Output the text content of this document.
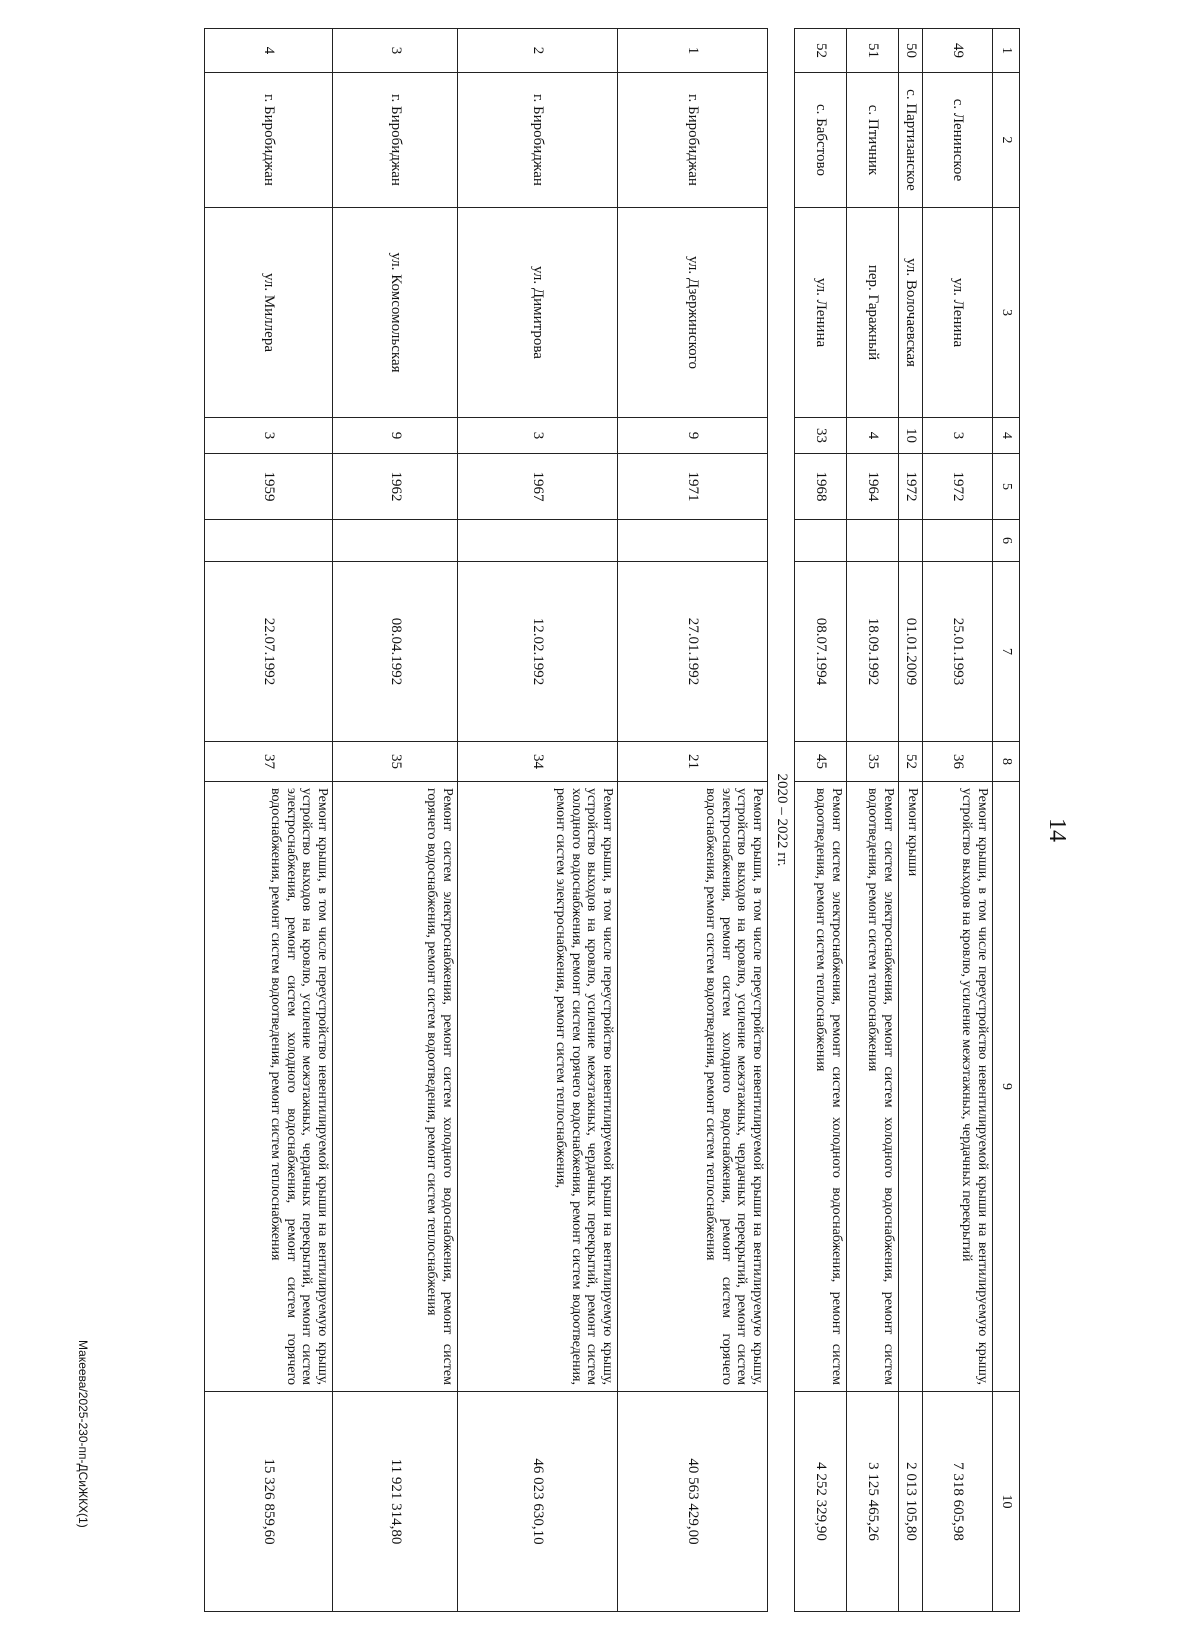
14
1	2	3	4	5	6	7	8	9	10
49	с. Ленинское	ул. Ленина	3	1972		25.01.1993	36	Ремонт крыши, в том числе переустройство невентилируемой крыши на вентилируемую крышу, устройство выходов на кровлю, усиление межэтажных, чердачных перекрытий	7 318 605,98
50	с. Партизанское	ул. Волочаевская	10	1972		01.01.2009	52	Ремонт крыши	2 013 105,80
51	с. Птичник	пер. Гаражный	4	1964		18.09.1992	35	Ремонт систем электроснабжения, ремонт систем холодного водоснабжения, ремонт систем водоотведения, ремонт систем теплоснабжения	3 125 465,26
52	с. Бабстово	ул. Ленина	33	1968		08.07.1994	45	Ремонт систем электроснабжения, ремонт систем холодного водоснабжения, ремонт систем водоотведения, ремонт систем теплоснабжения	4 252 329,90
2020 – 2022 гг.									
1	г. Биробиджан	ул. Дзержинского	9	1971		27.01.1992	21	Ремонт крыши, в том числе переустройство невентилируемой крыши на вентилируемую крышу, устройство выходов на кровлю, усиление межэтажных, чердачных перекрытий, ремонт систем электроснабжения, ремонт систем холодного водоснабжения, ремонт систем горячего водоснабжения, ремонт систем водоотведения, ремонт систем теплоснабжения	40 563 429,00
2	г. Биробиджан	ул. Димитрова	3	1967		12.02.1992	34	Ремонт крыши, в том числе переустройство невентилируемой крыши на вентилируемую крышу, устройство выходов на кровлю, усиление межэтажных, чердачных перекрытий, ремонт систем холодного водоснабжения, ремонт систем горячего водоснабжения, ремонт систем водоотведения, ремонт систем электроснабжения, ремонт систем теплоснабжения,	46 023 630,10
3	г. Биробиджан	ул. Комсомольская	9	1962		08.04.1992	35	Ремонт систем электроснабжения, ремонт систем холодного водоснабжения, ремонт систем горячего водоснабжения, ремонт систем водоотведения, ремонт систем теплоснабжения	11 921 314,80
4	г. Биробиджан	ул. Миллера	3	1959		22.07.1992	37	Ремонт крыши, в том числе переустройство невентилируемой крыши на вентилируемую крышу, устройство выходов на кровлю, усиление межэтажных, чердачных перекрытий, ремонт систем электроснабжения, ремонт систем холодного водоснабжения, ремонт систем горячего водоснабжения, ремонт систем водоотведения, ремонт систем теплоснабжения	15 326 859,60
Макеева/2025-230-пп-ДСиЖКХ(1)
